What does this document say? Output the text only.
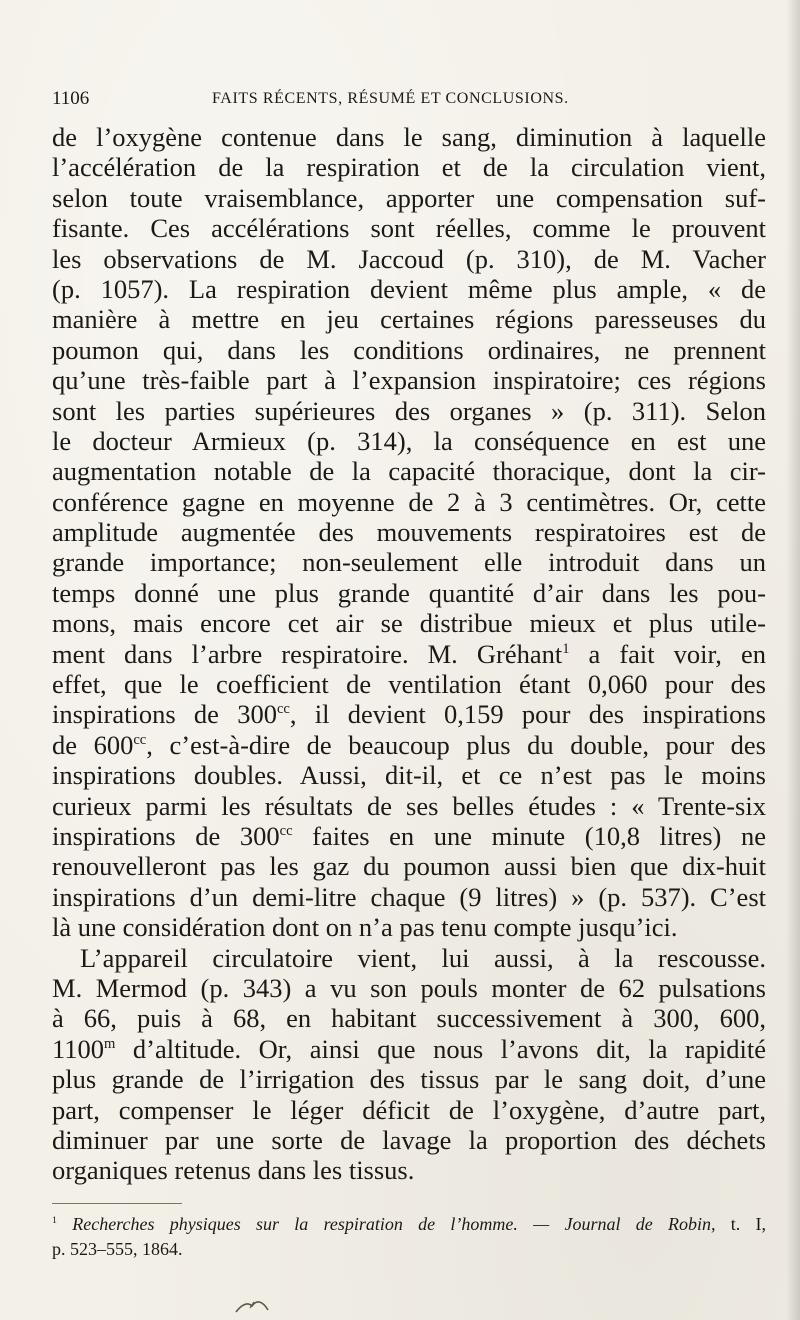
1106	FAITS RÉCENTS, RÉSUMÉ ET CONCLUSIONS.
de l’oxygène contenue dans le sang, diminution à laquelle
l’accélération de la respiration et de la circulation vient,
selon toute vraisemblance, apporter une compensation suf-
fisante. Ces accélérations sont réelles, comme le prouvent
les observations de M. Jaccoud (p. 310), de M. Vacher
(p. 1057). La respiration devient même plus ample, « de
manière à mettre en jeu certaines régions paresseuses du
poumon qui, dans les conditions ordinaires, ne prennent
qu’une très-faible part à l’expansion inspiratoire; ces régions
sont les parties supérieures des organes » (p. 311). Selon
le docteur Armieux (p. 314), la conséquence en est une
augmentation notable de la capacité thoracique, dont la cir-
conférence gagne en moyenne de 2 à 3 centimètres. Or, cette
amplitude augmentée des mouvements respiratoires est de
grande importance; non-seulement elle introduit dans un
temps donné une plus grande quantité d’air dans les pou-
mons, mais encore cet air se distribue mieux et plus utile-
ment dans l’arbre respiratoire. M. Gréhant$^1$ a fait voir, en
effet, que le coefficient de ventilation étant 0,060 pour des
inspirations de $300^{cc}$, il devient 0,159 pour des inspirations
de $600^{cc}$, c’est-à-dire de beaucoup plus du double, pour des
inspirations doubles. Aussi, dit-il, et ce n’est pas le moins
curieux parmi les résultats de ses belles études : « Trente-six
inspirations de $300^{cc}$ faites en une minute (10,8 litres) ne
renouvelleront pas les gaz du poumon aussi bien que dix-huit
inspirations d’un demi-litre chaque (9 litres) » (p. 537). C’est
là une considération dont on n’a pas tenu compte jusqu’ici.
L’appareil circulatoire vient, lui aussi, à la rescousse.
M. Mermod (p. 343) a vu son pouls monter de 62 pulsations
à 66, puis à 68, en habitant successivement à 300, 600,
1100$^m$ d’altitude. Or, ainsi que nous l’avons dit, la rapidité
plus grande de l’irrigation des tissus par le sang doit, d’une
part, compenser le léger déficit de l’oxygène, d’autre part,
diminuer par une sorte de lavage la proportion des déchets
organiques retenus dans les tissus.
$^1$ Recherches physiques sur la respiration de l’homme. — Journal de Robin, t. I,
p. 523–555, 1864.
